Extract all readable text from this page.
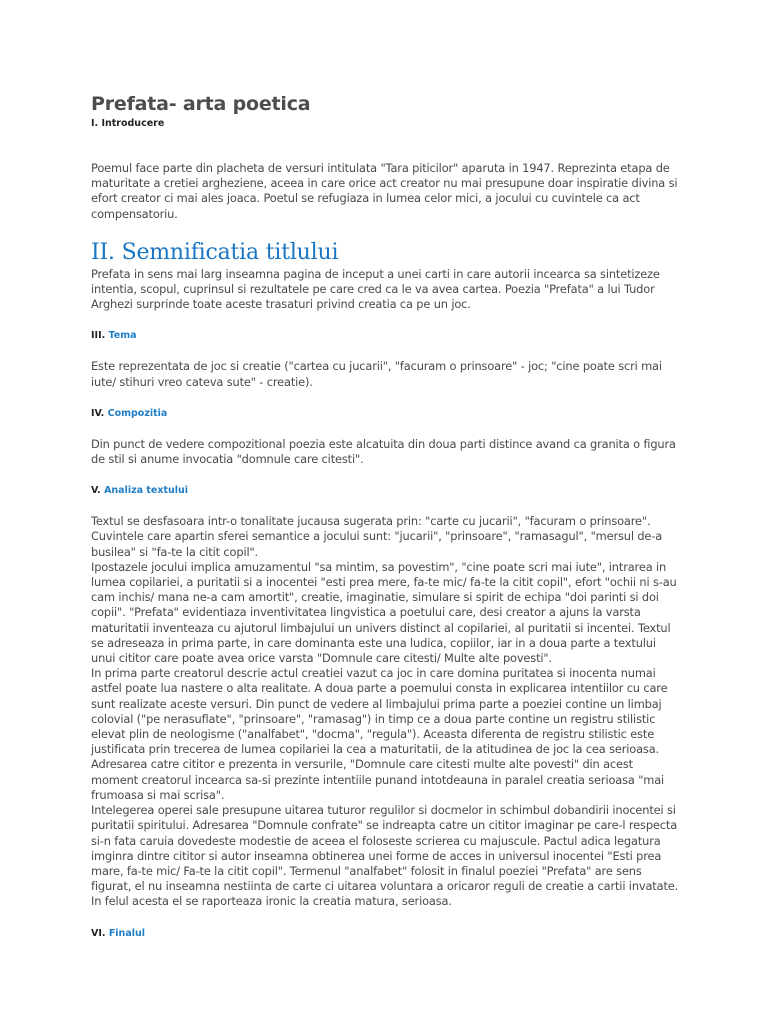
Prefata- arta poetica
I. Introducere

Poemul face parte din placheta de versuri intitulata "Tara piticilor" aparuta in 1947. Reprezinta etapa de maturitate a cretiei argheziene, aceea in care orice act creator nu mai presupune doar inspiratie divina si efort creator ci mai ales joaca. Poetul se refugiaza in lumea celor mici, a jocului cu cuvintele ca act compensatoriu.

II. Semnificatia titlului

Prefata in sens mai larg inseamna pagina de inceput a unei carti in care autorii incearca sa sintetizeze intentia, scopul, cuprinsul si rezultatele pe care cred ca le va avea cartea. Poezia "Prefata" a lui Tudor Arghezi surprinde toate aceste trasaturi privind creatia ca pe un joc.

III. Tema

Este reprezentata de joc si creatie ("cartea cu jucarii", "facuram o prinsoare" - joc; "cine poate scri mai iute/ stihuri vreo cateva sute" - creatie).

IV. Compozitia

Din punct de vedere compozitional poezia este alcatuita din doua parti distince avand ca granita o figura de stil si anume invocatia "domnule care citesti".

V. Analiza textului

Textul se desfasoara intr-o tonalitate jucausa sugerata prin: "carte cu jucarii", "facuram o prinsoare". Cuvintele care apartin sferei semantice a jocului sunt: "jucarii", "prinsoare", "ramasagul", "mersul de-a busilea" si "fa-te la citit copil".

Ipostazele jocului implica amuzamentul "sa mintim, sa povestim", "cine poate scri mai iute", intrarea in lumea copilariei, a puritatii si a inocentei "esti prea mere, fa-te mic/ fa-te la citit copil", efort "ochii ni s-au cam inchis/ mana ne-a cam amortit", creatie, imaginatie, simulare si spirit de echipa "doi parinti si doi copii". "Prefata" evidentiaza inventivitatea lingvistica a poetului care, desi creator a ajuns la varsta maturitatii inventeaza cu ajutorul limbajului un univers distinct al copilariei, al puritatii si incentei. Textul se adreseaza in prima parte, in care dominanta este una ludica, copiilor, iar in a doua parte a textului unui cititor care poate avea orice varsta "Domnule care citesti/ Multe alte povesti".

In prima parte creatorul descrie actul creatiei vazut ca joc in care domina puritatea si inocenta numai astfel poate lua nastere o alta realitate. A doua parte a poemului consta in explicarea intentiilor cu care sunt realizate aceste versuri. Din punct de vedere al limbajului prima parte a poeziei contine un limbaj colovial ("pe nerasuflate", "prinsoare", "ramasag") in timp ce a doua parte contine un registru stilistic elevat plin de neologisme ("analfabet", "docma", "regula"). Aceasta diferenta de registru stilistic este justificata prin trecerea de lumea copilariei la cea a maturitatii, de la atitudinea de joc la cea serioasa. Adresarea catre cititor e prezenta in versurile, "Domnule care citesti multe alte povesti" din acest moment creatorul incearca sa-si prezinte intentiile punand intotdeauna in paralel creatia serioasa "mai frumoasa si mai scrisa".

Intelegerea operei sale presupune uitarea tuturor regulilor si docmelor in schimbul dobandirii inocentei si puritatii spiritului. Adresarea "Domnule confrate" se indreapta catre un cititor imaginar pe care-l respecta si-n fata caruia dovedeste modestie de aceea el foloseste scrierea cu majuscule. Pactul adica legatura imginra dintre cititor si autor inseamna obtinerea unei forme de acces in universul inocentei "Esti prea mare, fa-te mic/ Fa-te la citit copil". Termenul "analfabet" folosit in finalul poeziei "Prefata" are sens figurat, el nu inseamna nestiinta de carte ci uitarea voluntara a oricaror reguli de creatie a cartii invatate. In felul acesta el se raporteaza ironic la creatia matura, serioasa.

VI. Finalul
